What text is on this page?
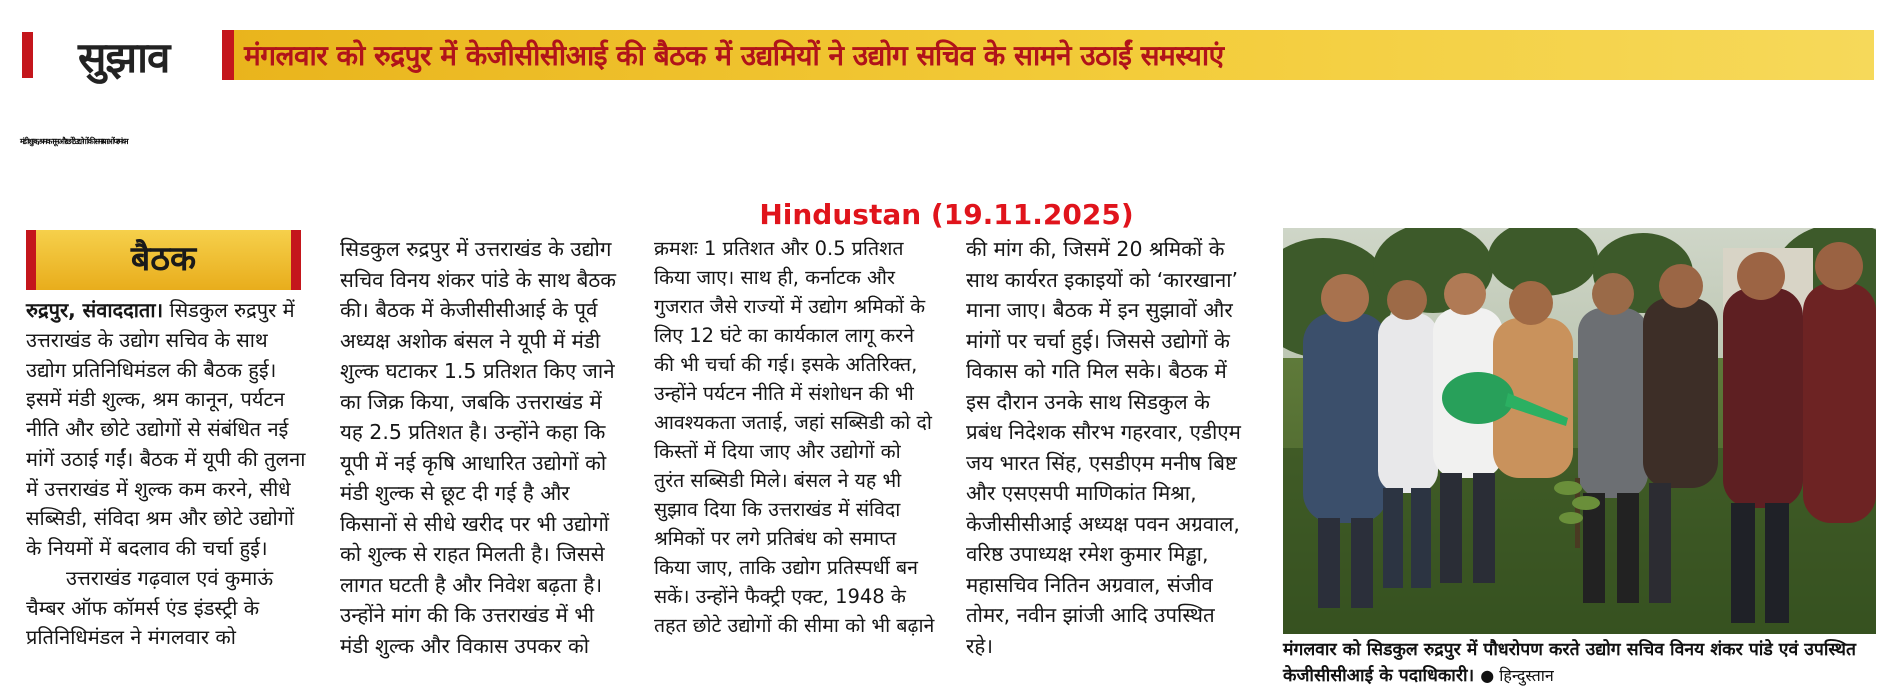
सुझाव	मंगलवार को रुद्रपुर में केजीसीसीआई की बैठक में उद्यमियों ने उद्योग सचिव के सामने उठाईं समस्याएं
मंडी शुल्क, श्रम कानून और छोटे उद्योगों की समस्याओं पर मंथन
Hindustan (19.11.2025)
बैठक

रुद्रपुर, संवाददाता। सिडकुल रुद्रपुर में उत्तराखंड के उद्योग सचिव के साथ उद्योग प्रतिनिधिमंडल की बैठक हुई। इसमें मंडी शुल्क, श्रम कानून, पर्यटन नीति और छोटे उद्योगों से संबंधित नई मांगें उठाई गईं। बैठक में यूपी की तुलना में उत्तराखंड में शुल्क कम करने, सीधे सब्सिडी, संविदा श्रम और छोटे उद्योगों के नियमों में बदलाव की चर्चा हुई।

उत्तराखंड गढ़वाल एवं कुमाऊं चैम्बर ऑफ कॉमर्स एंड इंडस्ट्री के प्रतिनिधिमंडल ने मंगलवार को

सिडकुल रुद्रपुर में उत्तराखंड के उद्योग सचिव विनय शंकर पांडे के साथ बैठक की। बैठक में केजीसीसीआई के पूर्व अध्यक्ष अशोक बंसल ने यूपी में मंडी शुल्क घटाकर 1.5 प्रतिशत किए जाने का जिक्र किया, जबकि उत्तराखंड में यह 2.5 प्रतिशत है। उन्होंने कहा कि यूपी में नई कृषि आधारित उद्योगों को मंडी शुल्क से छूट दी गई है और किसानों से सीधे खरीद पर भी उद्योगों को शुल्क से राहत मिलती है। जिससे लागत घटती है और निवेश बढ़ता है। उन्होंने मांग की कि उत्तराखंड में भी मंडी शुल्क और विकास उपकर को

क्रमशः 1 प्रतिशत और 0.5 प्रतिशत किया जाए। साथ ही, कर्नाटक और गुजरात जैसे राज्यों में उद्योग श्रमिकों के लिए 12 घंटे का कार्यकाल लागू करने की भी चर्चा की गई। इसके अतिरिक्त, उन्होंने पर्यटन नीति में संशोधन की भी आवश्यकता जताई, जहां सब्सिडी को दो किस्तों में दिया जाए और उद्योगों को तुरंत सब्सिडी मिले। बंसल ने यह भी सुझाव दिया कि उत्तराखंड में संविदा श्रमिकों पर लगे प्रतिबंध को समाप्त किया जाए, ताकि उद्योग प्रतिस्पर्धी बन सकें। उन्होंने फैक्ट्री एक्ट, 1948 के तहत छोटे उद्योगों की सीमा को भी बढ़ाने

की मांग की, जिसमें 20 श्रमिकों के साथ कार्यरत इकाइयों को ‘कारखाना’ माना जाए। बैठक में इन सुझावों और मांगों पर चर्चा हुई। जिससे उद्योगों के विकास को गति मिल सके। बैठक में इस दौरान उनके साथ सिडकुल के प्रबंध निदेशक सौरभ गहरवार, एडीएम जय भारत सिंह, एसडीएम मनीष बिष्ट और एसएसपी माणिकांत मिश्रा, केजीसीसीआई अध्यक्ष पवन अग्रवाल, वरिष्ठ उपाध्यक्ष रमेश कुमार मिड्ढा, महासचिव नितिन अग्रवाल, संजीव तोमर, नवीन झांजी आदि उपस्थित रहे।	मंगलवार को सिडकुल रुद्रपुर में पौधरोपण करते उद्योग सचिव विनय शंकर पांडे एवं उपस्थित केजीसीसीआई के पदाधिकारी। ● हिन्दुस्तान
